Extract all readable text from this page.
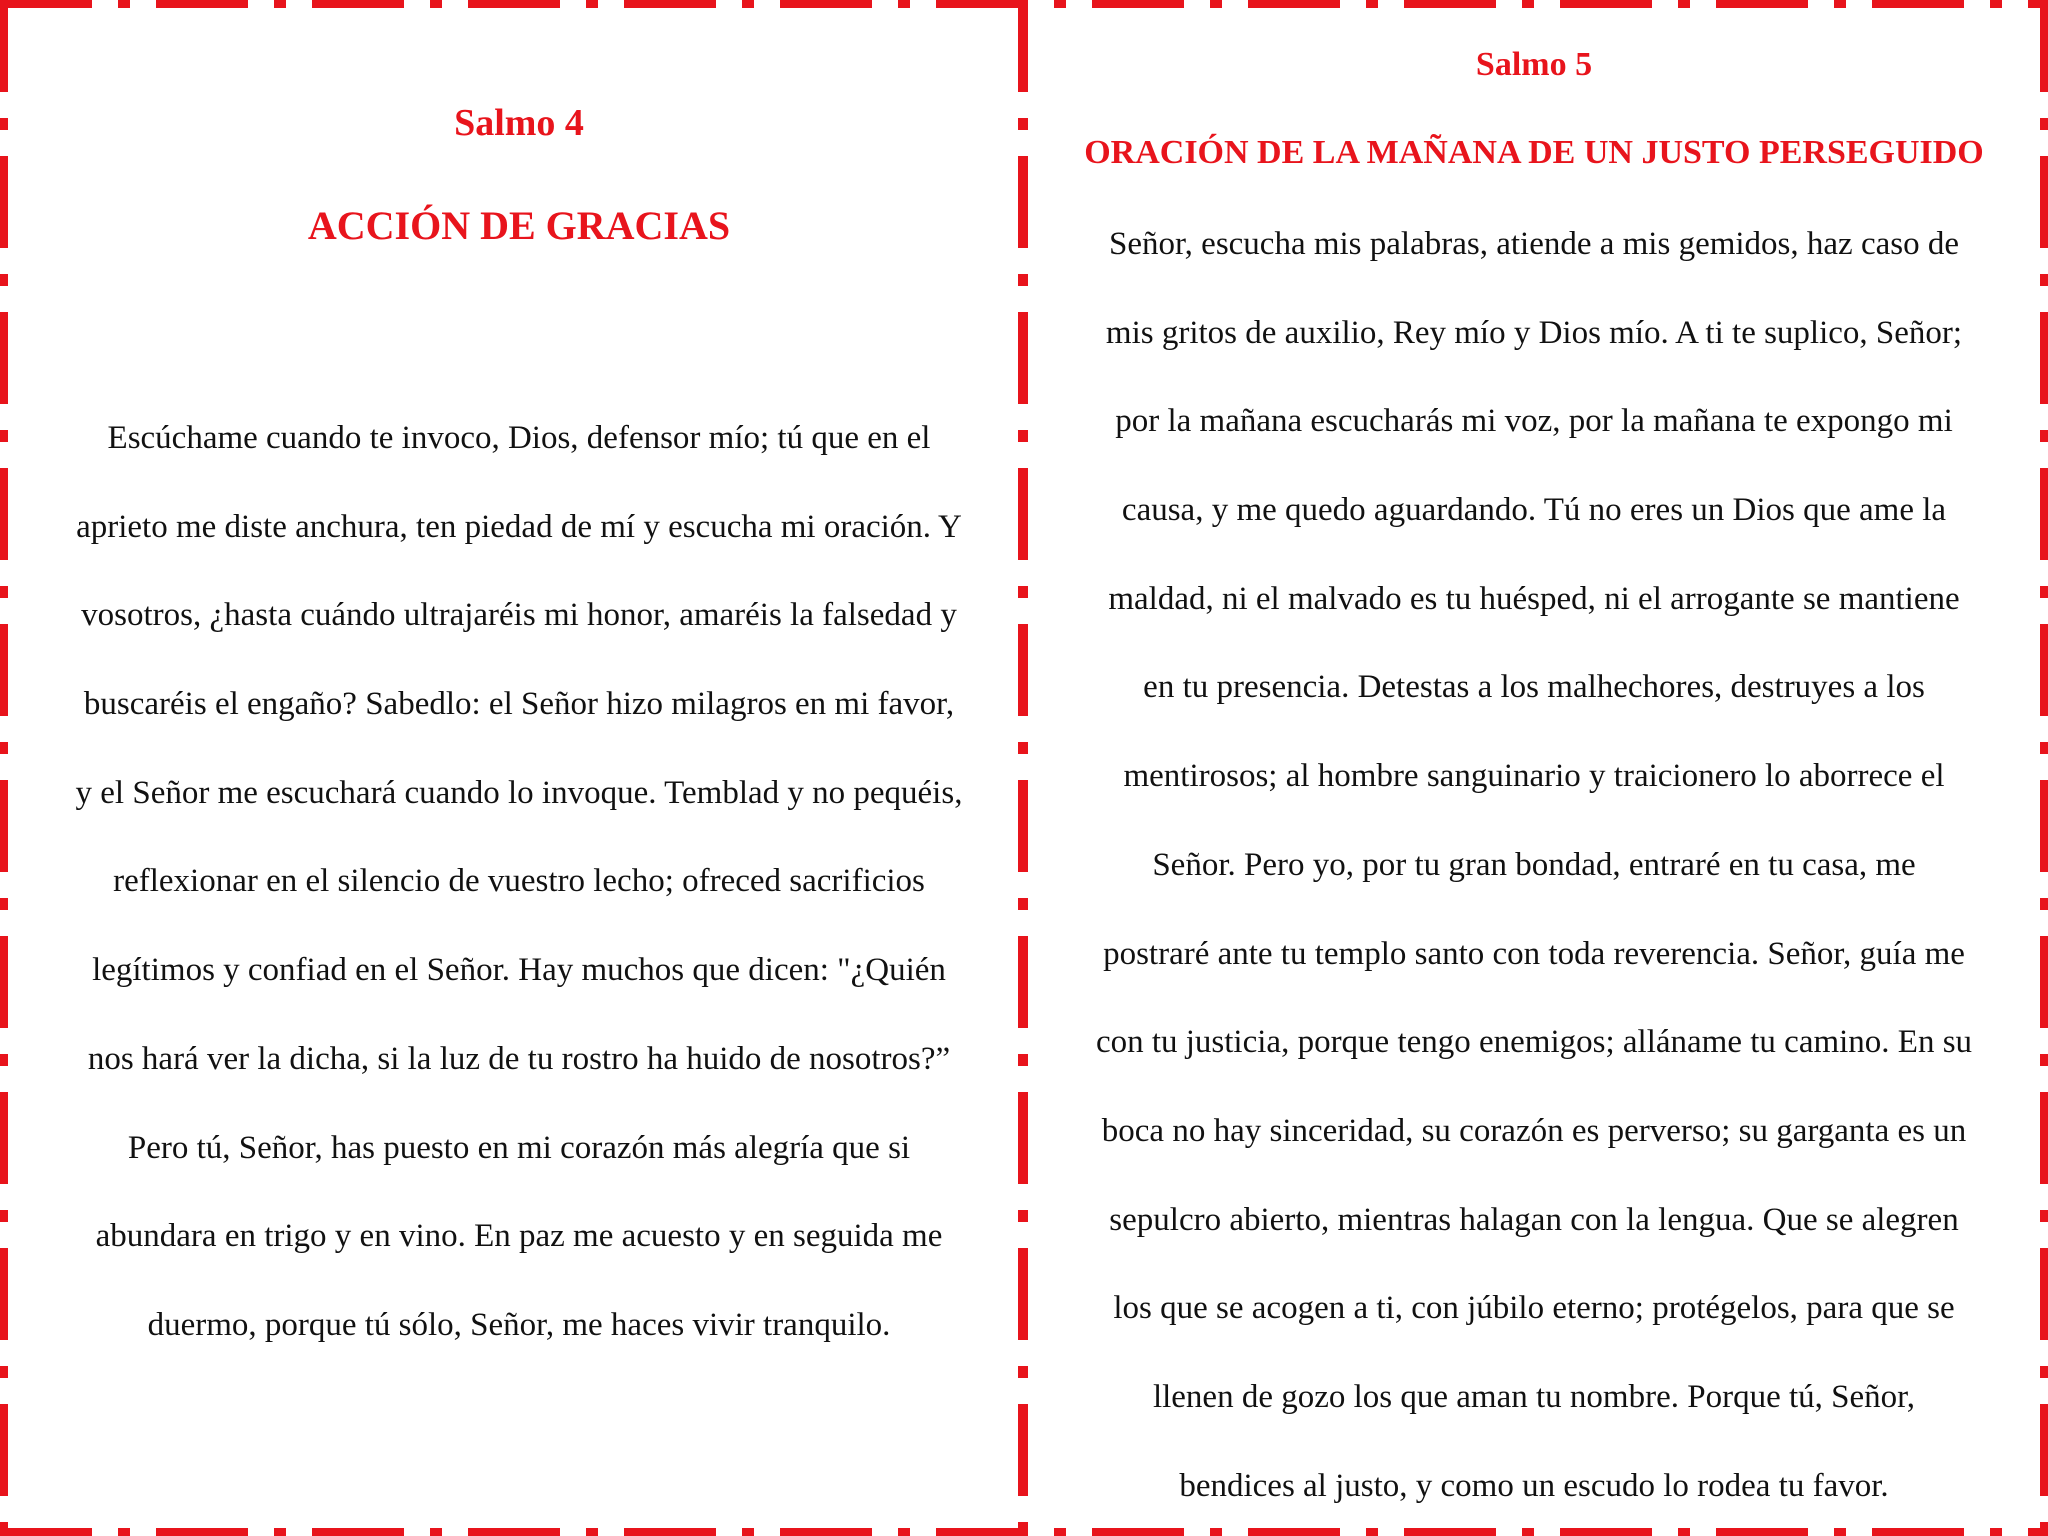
Salmo 4
ACCIÓN DE GRACIAS
Escúchame cuando te invoco, Dios, defensor mío; tú que en el
aprieto me diste anchura, ten piedad de mí y escucha mi oración. Y
vosotros, ¿hasta cuándo ultrajaréis mi honor, amaréis la falsedad y
buscaréis el engaño? Sabedlo: el Señor hizo milagros en mi favor,
y el Señor me escuchará cuando lo invoque. Temblad y no pequéis,
reflexionar en el silencio de vuestro lecho; ofreced sacrificios
legítimos y confiad en el Señor. Hay muchos que dicen: "¿Quién
nos hará ver la dicha, si la luz de tu rostro ha huido de nosotros?”
Pero tú, Señor, has puesto en mi corazón más alegría que si
abundara en trigo y en vino. En paz me acuesto y en seguida me
duermo, porque tú sólo, Señor, me haces vivir tranquilo.
Salmo 5
ORACIÓN DE LA MAÑANA DE UN JUSTO PERSEGUIDO
Señor, escucha mis palabras, atiende a mis gemidos, haz caso de
mis gritos de auxilio, Rey mío y Dios mío. A ti te suplico, Señor;
por la mañana escucharás mi voz, por la mañana te expongo mi
causa, y me quedo aguardando. Tú no eres un Dios que ame la
maldad, ni el malvado es tu huésped, ni el arrogante se mantiene
en tu presencia. Detestas a los malhechores, destruyes a los
mentirosos; al hombre sanguinario y traicionero lo aborrece el
Señor. Pero yo, por tu gran bondad, entraré en tu casa, me
postraré ante tu templo santo con toda reverencia. Señor, guía me
con tu justicia, porque tengo enemigos; alláname tu camino. En su
boca no hay sinceridad, su corazón es perverso; su garganta es un
sepulcro abierto, mientras halagan con la lengua. Que se alegren
los que se acogen a ti, con júbilo eterno; protégelos, para que se
llenen de gozo los que aman tu nombre. Porque tú, Señor,
bendices al justo, y como un escudo lo rodea tu favor.
